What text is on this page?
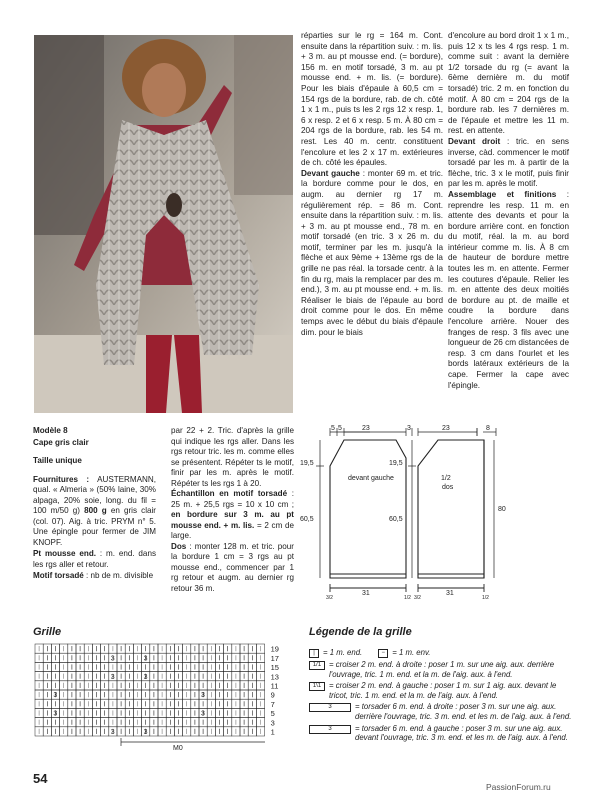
réparties sur le rg = 164 m. Cont. ensuite dans la répartition suiv. : m. lis. + 3 m. au pt mousse end. (= bordure), 156 m. en motif torsadé, 3 m. au pt mousse end. + m. lis. (= bordure). Pour les biais d'épaule à 60,5 cm = 154 rgs de la bordure, rab. de ch. côté 1 x 1 m., puis ts les 2 rgs 12 x resp. 1, 6 x resp. 2 et 6 x resp. 5 m. À 80 cm = 204 rgs de la bordure, rab. les 54 m. rest. Les 40 m. centr. constituent l'encolure et les 2 x 17 m. extérieures de ch. côté les épaules.

Devant gauche : monter 69 m. et tric. la bordure comme pour le dos, en augm. au dernier rg 17 m. régulièrement rép. = 86 m. Cont. ensuite dans la répartition suiv. : m. lis. + 3 m. au pt mousse end., 78 m. en motif torsadé (en tric. 3 x 26 m. du motif, terminer par les m. jusqu'à la flèche et aux 9ème + 13ème rgs de la grille ne pas réal. la torsade centr. à la fin du rg, mais la remplacer par des m. end.), 3 m. au pt mousse end. + m. lis. Réaliser le biais de l'épaule au bord droit comme pour le dos. En même temps avec le début du biais d'épaule dim. pour le biais

d'encolure au bord droit 1 x 1 m., puis 12 x ts les 4 rgs resp. 1 m. comme suit : avant la dernière 1/2 torsade du rg (= avant la 6ème dernière m. du motif torsadé) tric. 2 m. en fonction du motif. À 80 cm = 204 rgs de la bordure rab. les 7 dernières m. de l'épaule et mettre les 11 m. rest. en attente.

Devant droit : tric. en sens inverse, càd. commencer le motif torsadé par les m. à partir de la flèche, tric. 3 x le motif, puis finir par les m. après le motif.

Assemblage et finitions : reprendre les resp. 11 m. en attente des devants et pour la bordure arrière cont. en fonction du motif, réal. la m. au bord intérieur comme m. lis. À 8 cm de hauteur de bordure mettre toutes les m. en attente. Fermer les coutures d'épaule. Relier les m. en attente des deux moitiés de bordure au pt. de maille et coudre la bordure dans l'encolure arrière. Nouer des franges de resp. 3 fils avec une longueur de 26 cm distancées de resp. 3 cm dans l'ourlet et les bords latéraux extérieurs de la cape. Fermer la cape avec l'épingle.

Modèle 8

Cape gris clair

Taille unique

Fournitures : AUSTERMANN, qual. « Almeria » (50% laine, 30% alpaga, 20% soie, long. du fil = 100 m/50 g) 800 g en gris clair (col. 07). Aig. à tric. PRYM n° 5. Une épingle pour fermer de JIM KNOPF.

Pt mousse end. : m. end. dans les rgs aller et retour.

Motif torsadé : nb de m. divisible

par 22 + 2. Tric. d'après la grille qui indique les rgs aller. Dans les rgs retour tric. les m. comme elles se présentent. Répéter ts le motif, finir par les m. après le motif. Répéter ts les rgs 1 à 20.

Échantillon en motif torsadé : 25 m. + 25,5 rgs = 10 x 10 cm ; en bordure sur 3 m. au pt mousse end. + m. lis. = 2 cm de large.

Dos : monter 128 m. et tric. pour la bordure 1 cm = 3 rgs au pt mousse end., commencer par 1 rg retour et augm. au dernier rg retour 36 m.

5 5	23	3	23	8
19,5
60,5
19,5
60,5
80
devant gauche	1/2
dos
31	31
3/2	1/2 3/2	1/2
Grille
3	3
3	3
3	3
3	3
3	3
19
17
15
13
11
9
7
5
3
1
M0
Légende de la grille
|	= 1 m. end.	− = 1 m. env.
1/1	= croiser 2 m. end. à droite : poser 1 m. sur une aig. aux. derrière l'ouvrage, tric. 1 m. end. et la m. de l'aig. aux. à l'end.
1\1	= croiser 2 m. end. à gauche : poser 1 m. sur 1 aig. aux. devant le tricot, tric. 1 m. end. et la m. de l'aig. aux. à l'end.
3	= torsader 6 m. end. à droite : poser 3 m. sur une aig. aux. derrière l'ouvrage, tric. 3 m. end. et les m. de l'aig. aux. à l'end.
3	= torsader 6 m. end. à gauche : poser 3 m. sur une aig. aux. devant l'ouvrage, tric. 3 m. end. et les m. de l'aig. aux. à l'end.
54
PassionForum.ru
